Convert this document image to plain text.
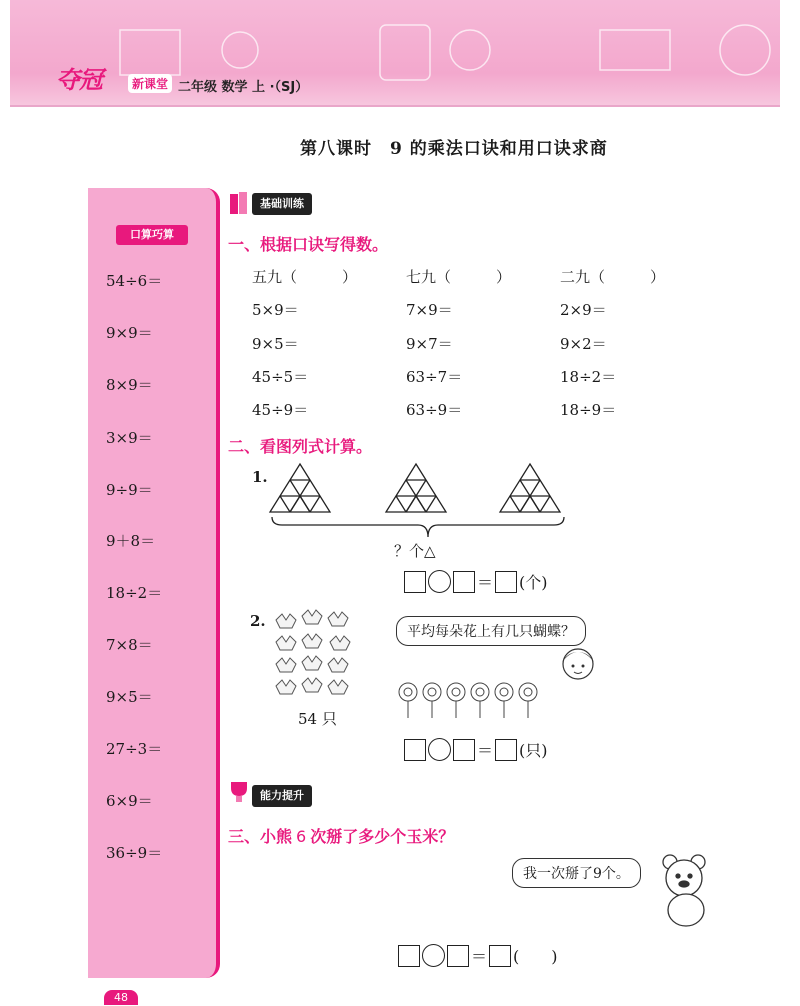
夺冠	新课堂 二年级 数学 上 ·（SJ）
第八课时　9 的乘法口诀和用口诀求商
口算巧算
54÷6＝
9×9＝
8×9＝
3×9＝
9÷9＝
9＋8＝
18÷2＝
7×8＝
9×5＝
27÷3＝
6×9＝
36÷9＝
基础训练
一、根据口诀写得数。
五九（　　　）
5×9＝
9×5＝
45÷5＝
45÷9＝
七九（　　　）
7×9＝
9×7＝
63÷7＝
63÷9＝
二九（　　　）
2×9＝
9×2＝
18÷2＝
18÷9＝
二、看图列式计算。
1.
？个△
＝ (个)
2.
54 只
平均每朵花上有几只蝴蝶？
＝ (只)
能力提升
三、小熊 6 次掰了多少个玉米？
我一次掰了9个。
＝ (　　)
48
